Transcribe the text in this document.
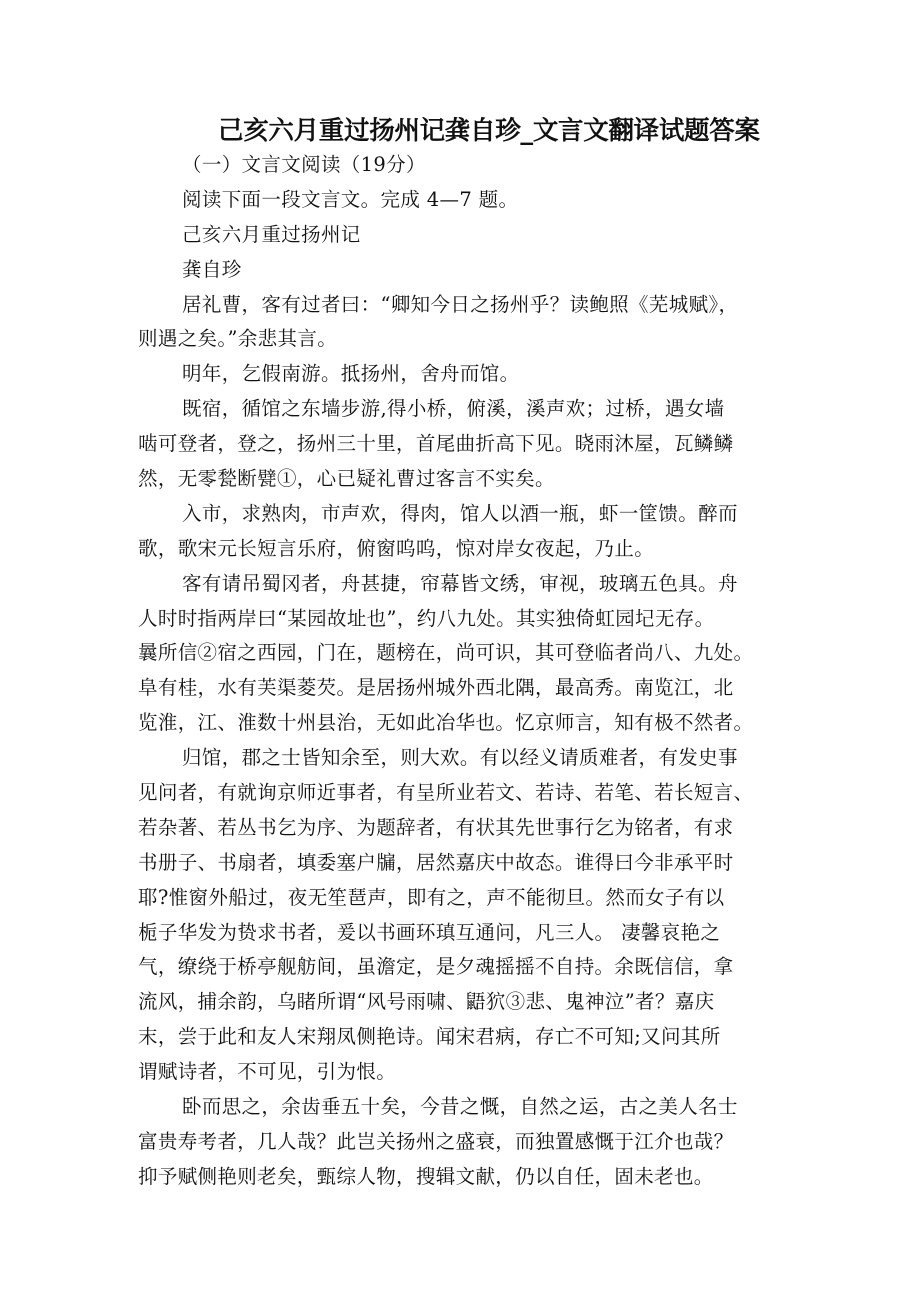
己亥六月重过扬州记龚自珍_文言文翻译试题答案
（一）文言文阅读（19分）
阅读下面一段文言文。完成 4—7 题。
己亥六月重过扬州记
龚自珍
居礼曹，客有过者曰：“卿知今日之扬州乎？读鲍照《芜城赋》，
则遇之矣。”余悲其言。
明年，乞假南游。抵扬州，舍舟而馆。
既宿，循馆之东墙步游,得小桥，俯溪，溪声欢；过桥，遇女墙
啮可登者，登之，扬州三十里，首尾曲折高下见。晓雨沐屋，瓦鳞鳞
然，无零甃断甓①，心已疑礼曹过客言不实矣。
入市，求熟肉，市声欢，得肉，馆人以酒一瓶，虾一筐馈。醉而
歌，歌宋元长短言乐府，俯窗呜呜，惊对岸女夜起，乃止。
客有请吊蜀冈者，舟甚捷，帘幕皆文绣，审视，玻璃五色具。舟
人时时指两岸曰“某园故址也”，约八九处。其实独倚虹园圮无存。
曩所信②宿之西园，门在，题榜在，尚可识，其可登临者尚八、九处。
阜有桂，水有芙渠菱芡。是居扬州城外西北隅，最高秀。南览江，北
览淮，江、淮数十州县治，无如此冶华也。忆京师言，知有极不然者。
归馆，郡之士皆知余至，则大欢。有以经义请质难者，有发史事
见问者，有就询京师近事者，有呈所业若文、若诗、若笔、若长短言、
若杂著、若丛书乞为序、为题辞者，有状其先世事行乞为铭者，有求
书册子、书扇者，填委塞户牖，居然嘉庆中故态。谁得曰今非承平时
耶?惟窗外船过，夜无笙琶声，即有之，声不能彻旦。然而女子有以
栀子华发为贽求书者，爰以书画环瑱互通问，凡三人。 凄馨哀艳之
气，缭绕于桥亭舰舫间，虽澹定，是夕魂摇摇不自持。余既信信，拿
流风，捕余韵，乌睹所谓“风号雨啸、鼯狖③悲、鬼神泣”者？嘉庆
末，尝于此和友人宋翔凤侧艳诗。闻宋君病，存亡不可知;又问其所
谓赋诗者，不可见，引为恨。
卧而思之，余齿垂五十矣，今昔之慨，自然之运，古之美人名士
富贵寿考者，几人哉？此岂关扬州之盛衰，而独置感慨于江介也哉？
抑予赋侧艳则老矣，甄综人物，搜辑文献，仍以自任，固未老也。
